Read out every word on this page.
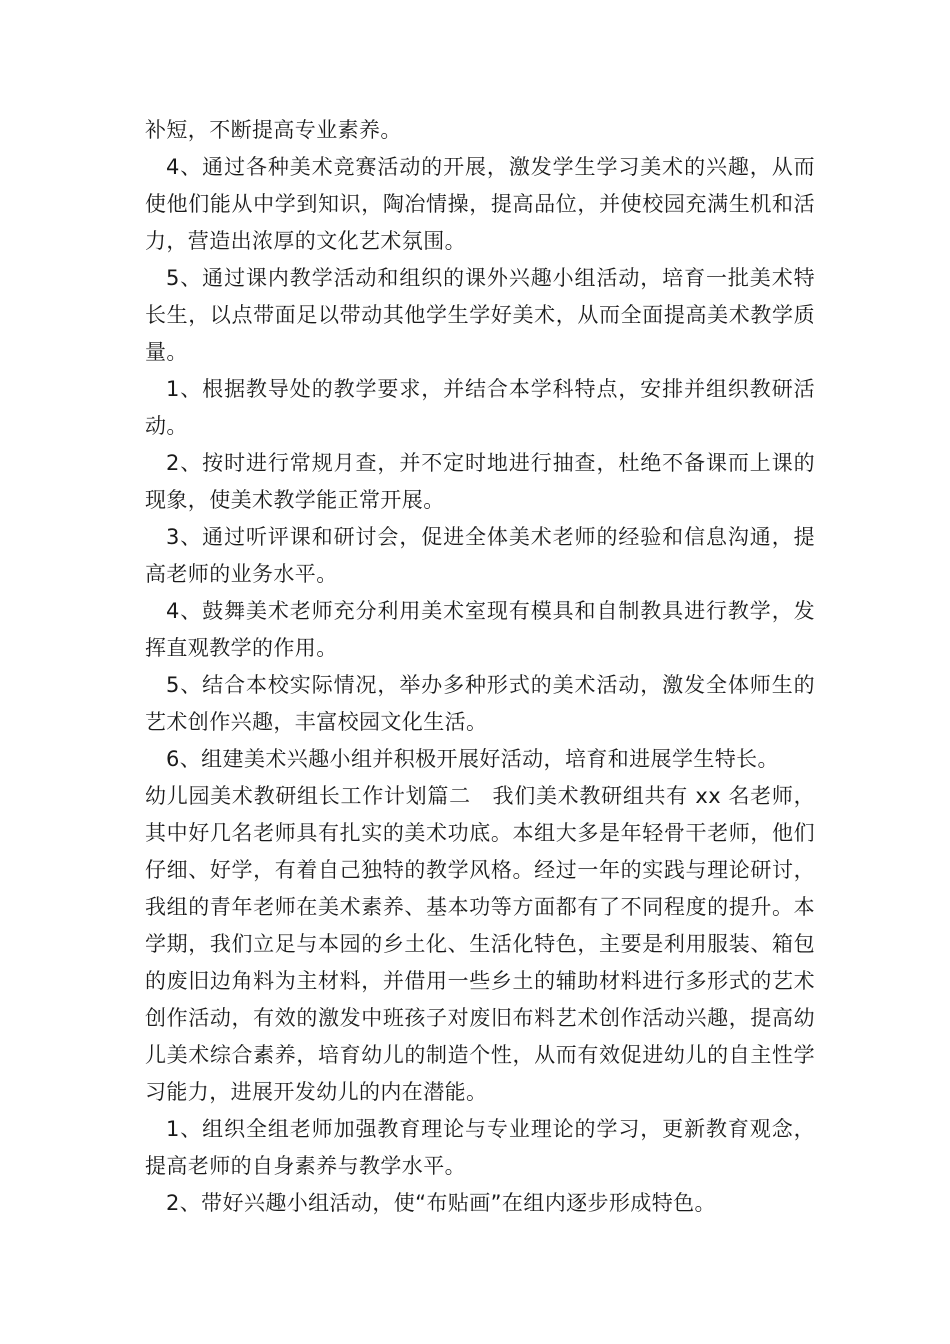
补短，不断提高专业素养。

4、通过各种美术竞赛活动的开展，激发学生学习美术的兴趣，从而使他们能从中学到知识，陶冶情操，提高品位，并使校园充满生机和活力，营造出浓厚的文化艺术氛围。

5、通过课内教学活动和组织的课外兴趣小组活动，培育一批美术特长生，以点带面足以带动其他学生学好美术，从而全面提高美术教学质量。

1、根据教导处的教学要求，并结合本学科特点，安排并组织教研活动。

2、按时进行常规月查，并不定时地进行抽查，杜绝不备课而上课的现象，使美术教学能正常开展。

3、通过听评课和研讨会，促进全体美术老师的经验和信息沟通，提高老师的业务水平。

4、鼓舞美术老师充分利用美术室现有模具和自制教具进行教学，发挥直观教学的作用。

5、结合本校实际情况，举办多种形式的美术活动，激发全体师生的艺术创作兴趣，丰富校园文化生活。

6、组建美术兴趣小组并积极开展好活动，培育和进展学生特长。

幼儿园美术教研组长工作计划篇二　我们美术教研组共有 xx 名老师，其中好几名老师具有扎实的美术功底。本组大多是年轻骨干老师，他们仔细、好学，有着自己独特的教学风格。经过一年的实践与理论研讨，我组的青年老师在美术素养、基本功等方面都有了不同程度的提升。本学期，我们立足与本园的乡土化、生活化特色，主要是利用服装、箱包的废旧边角料为主材料，并借用一些乡土的辅助材料进行多形式的艺术创作活动，有效的激发中班孩子对废旧布料艺术创作活动兴趣，提高幼儿美术综合素养，培育幼儿的制造个性，从而有效促进幼儿的自主性学习能力，进展开发幼儿的内在潜能。

1、组织全组老师加强教育理论与专业理论的学习，更新教育观念，提高老师的自身素养与教学水平。

2、带好兴趣小组活动，使“布贴画”在组内逐步形成特色。
